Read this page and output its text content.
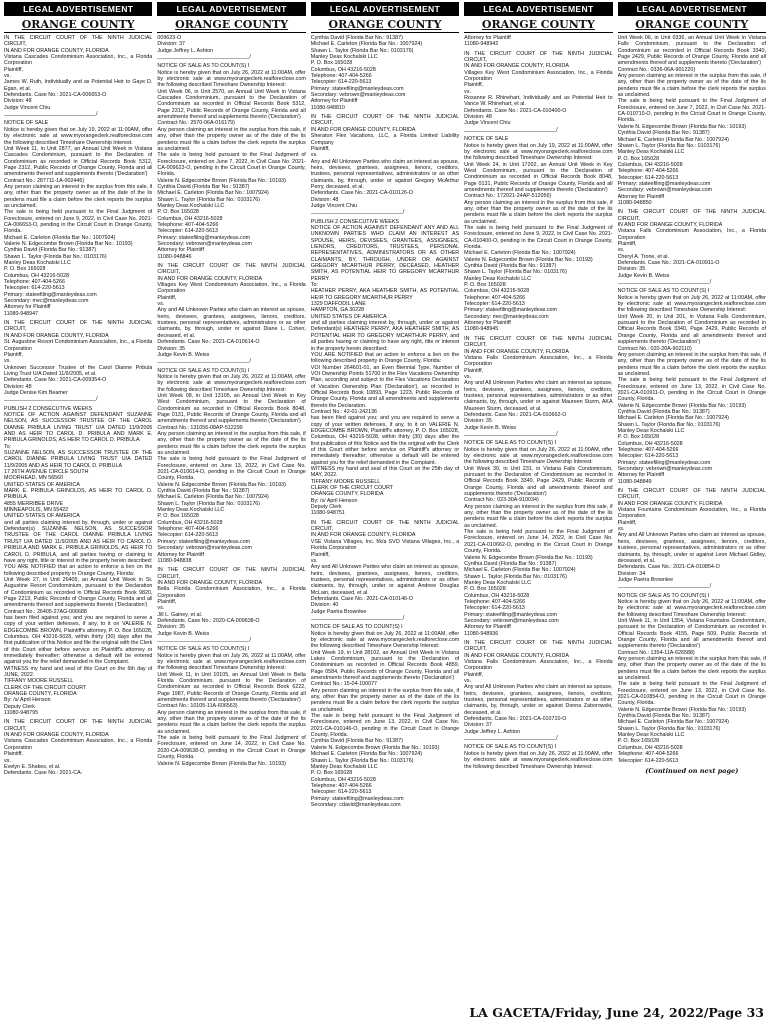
LEGAL ADVERTISEMENT
ORANGE COUNTY
IN THE CIRCUIT COURT OF THE NINTH JUDICIAL CIRCUIT,
IN AND FOR ORANGE COUNTY, FLORIDA
Vistana Cascades Condominium Association, Inc., a Florida Corporation
Plaintiff,
vs.
James W. Ruth, Individually and as Potential Heir to Gaye D. Egan, et al.
Defendants. Case No.: 2021-CA-006653-O
Division: 48
Judge Vincent Chiu
_______________________________/
NOTICE OF SALE
Notice is hereby given that on July 19, 2022 at 11:00AM, offer by electronic sale at www.myorangeclerk.realforeclose.com the following described Timeshare Ownership Interest:
Unit Week 11, in Unit 2877, an Annual Unit Week in Vistana Cascades Condominium, pursuant to the Declaration of Condominium as recorded in Official Records Book 5312, Page 2312, Public Records of Orange County, Florida and all amendments thereof and supplements thereto ('Declaration')
Contract No.: 287711-1A-002446)
Any person claiming an interest in the surplus from this sale, if any, other than the property owner as of the date of the lis pendens must file a claim before the clerk reports the surplus as unclaimed.
The sale is being held pursuant to the Final Judgment of Foreclosure, entered on June 9, 2022, in Civil Case No. 2021-CA-006653-O, pending in the Circuit Court in Orange County, Florida.
Michael E. Carleton (Florida Bar No.: 1007924)
Valerie N. Edgecombe Brown (Florida Bar No.: 10193)
Cynthia David (Florida Bar No.: 91387)
Shawn L. Taylor (Florida Bar No.: 0103176)
Manley Deas Kochalski LLC
P. O. Box 165028
Columbus, OH 43216-5028
Telephone: 407-404-5266
Telecopier: 614-220-5613
Primary: stateefiling@manleydeas.com
Secondary: mec@manleydeas.com
Attorney for Plaintiff
11080-948947
IN THE CIRCUIT COURT OF THE NINTH JUDICIAL CIRCUIT,
IN AND FOR ORANGE COUNTY, FLORIDA
St. Augustine Resort Condominium Association, Inc., a Florida Corporation
Plaintiff,
vs.
Unknown Successor Trustee of the Carol Dianne Pribula Living Trust U/A Dated 11/9/2005, et al.
Defendants. Case No.: 2021-CA-009354-O
Division: 48
Judge Denise Kim Beamer
_______________________________/
PUBLISH 2 CONSECUTIVE WEEKS
NOTICE OF ACTION AGAINST DEFENDANT SUZANNE NELSON, AS SUCCESSOR TRUSTEE OF THE CAROL DIANNE PRIBULA LIVING TRUST U/A DATED 11/9/2005 AND AS HEIR TO CAROL D. PRIBULA AND MARK E. PRIBULA GRINOLDS, AS HEIR TO CAROL D. PRIBULA
To:
SUZANNE NELSON, AS SUCCESSOR TRUSTEE OF THE CAROL DIANNE PRIBULA LIVING TRUST U/A DATED 11/9/2005 AND AS HEIR TO CAROL D. PRIBULA
17 26TH AVENUE CIRCLE SOUTH
MOORHEAD, MN 56560
UNITED STATES OF AMERICA
MARK E. PRIBULA GRINOLDS, AS HEIR TO CAROL D. PRIBULA
4855 MERRIBEE DRIVE
MINNEAPOLIS, MN 55422
UNITED STATES OF AMERICA
and all parties claiming interest by, through, under or against Defendant(s) SUZANNE NELSON, AS SUCCESSOR TRUSTEE OF THE CAROL DIANNE PRIBULA LIVING TRUST U/A DATED 11/9/2005 AND AS HEIR TO CAROL D. PRIBULA AND MARK E. PRIBULA GRINOLDS, AS HEIR TO CAROL D. PRIBULA, and all parties having or claiming to have any right, title or interest in the property herein described:
YOU ARE NOTIFIED that an action to enforce a lien on the following described property in Orange County, Florida:
Unit Week 27, in Unit 26405, an Annual Unit Week in St. Augustine Resort Condominium, pursuant to the Declaration of Condominium as recorded in Official Records Book 9820, Page 2213, Public Records of Orange County, Florida and all amendments thereof and supplements thereto ('Declaration')
Contract No.: 26405-27AG-006688
has been filed against you; and you are required to serve a copy of your written defenses, if any, to it on VALERIE N. EDGECOMBE BROWN, Plaintiff's attorney, P. O. Box 165028, Columbus, OH 43216-5028, within thirty (30) days after the first publication of this Notice and file the original with the Clerk of this Court either before service on Plaintiff's attorney or immediately thereafter; otherwise a default will be entered against you for the relief demanded in the Complaint.
WITNESS my hand and seal of this Court on the 6th day of JUNE, 2022.
TIFFANY MOORE RUSSELL
CLERK OF THE CIRCUIT COURT
ORANGE COUNTY, FLORIDA
By: /s/ April Henson
Deputy Clerk
11080-948795
IN THE CIRCUIT COURT OF THE NINTH JUDICIAL CIRCUIT,
IN AND FOR ORANGE COUNTY, FLORIDA
Vistana Cascades Condominium Association, Inc., a Florida Corporation
Plaintiff,
vs.
Evelyn E. Shakes, et al.
Defendants. Case No.: 2021-CA-
LEGAL ADVERTISEMENT
ORANGE COUNTY
009623-O
Division: 37
Judge Jeffrey L. Ashton
_______________________________/
NOTICE OF SALE AS TO COUNT(S) I
Notice is hereby given that on July 26, 2022 at 11:00AM, offer by electronic sale at www.myorangeclerk.realforeclose.com the following described Timeshare Ownership Interest:
Unit Week 06, in Unit 2570, an Annual Unit Week in Vistana Cascades Condominium, pursuant to the Declaration of Condominium as recorded in Official Records Book 5312, Page 2312, Public Records of Orange County, Florida and all amendments thereof and supplements thereto ('Declaration')
Contract No.: 2570-06A-016179)
Any person claiming an interest in the surplus from this sale, if any, other than the property owner as of the date of the lis pendens must file a claim before the clerk reports the surplus as unclaimed.
The sale is being held pursuant to the Final Judgment of Foreclosure, entered on June 7, 2022, in Civil Case No. 2021-CA-009623-O, pending in the Circuit Court in Orange County, Florida.
Valerie N. Edgecombe Brown (Florida Bar No.: 10193)
Cynthia David (Florida Bar No.: 91387)
Michael E. Carleton (Florida Bar No.: 1007924)
Shawn L. Taylor (Florida Bar No.: 0103176)
Manley Deas Kochalski LLC
P. O. Box 165028
Columbus, OH 43216-5028
Telephone: 407-404-5266
Telecopier: 614-220-5613
Primary: stateefiling@manleydeas.com
Secondary: vebrown@manleydeas.com
Attorney for Plaintiff
11080-948846
IN THE CIRCUIT COURT OF THE NINTH JUDICIAL CIRCUIT,
IN AND FOR ORANGE COUNTY, FLORIDA
Villages Key West Condominium Association, Inc., a Florida Corporation
Plaintiff,
vs.
Any and All Unknown Parties who claim an interest as spouse, heirs, devisees, grantees, assignees, lienors, creditors, trustees, personal representatives, administrators or as other claimants, by, through, under or against Diane L. Cohen, deceased, et al.
Defendants. Case No.: 2021-CA-010614-O
Division: 35
Judge Kevin B. Weiss
_______________________________/
NOTICE OF SALE AS TO COUNT(S) I
Notice is hereby given that on July 26, 2022 at 11:00AM, offer by electronic sale at www.myorangeclerk.realforeclose.com the following described Timeshare Ownership Interest:
Unit Week 08, in Unit 13105, an Annual Unit Week in Key West Condominium, pursuant to the Declaration of Condominium as recorded in Official Records Book 8048, Page 0131, Public Records of Orange County, Florida and all amendments thereof and supplements thereto ('Declaration')
Contract No.: 131056-08AP-512299
Any person claiming an interest in the surplus from this sale, if any, other than the property owner as of the date of the lis pendens must file a claim before the clerk reports the surplus as unclaimed.
The sale is being held pursuant to the Final Judgment of Foreclosure, entered on June 13, 2022, in Civil Case No. 2021-CA-010614-O, pending in the Circuit Court in Orange County, Florida.
Valerie N. Edgecombe Brown (Florida Bar No.: 10193)
Cynthia David (Florida Bar No.: 91387)
Michael E. Carleton (Florida Bar No.: 1007924)
Shawn L. Taylor (Florida Bar No.: 0103176)
Manley Deas Kochalski LLC
P. O. Box 165028
Columbus, OH 43216-5028
Telephone: 407-404-5266
Telecopier: 614-220-5613
Primary: stateefiling@manleydeas.com
Secondary: vebrown@manleydeas.com
Attorney for Plaintiff
11080-948838
IN THE CIRCUIT COURT OF THE NINTH JUDICIAL CIRCUIT,
IN AND FOR ORANGE COUNTY, FLORIDA
Bella Florida Condominium Association, Inc., a Florida Corporation
Plaintiff,
vs.
Jill L. Gainey, et al.
Defendants. Case No.: 2020-CA-009638-O
Division: 35
Judge Kevin B. Weiss
_______________________________/
NOTICE OF SALE AS TO COUNT(S) I
Notice is hereby given that on July 26, 2022 at 11:00AM, offer by electronic sale at www.myorangeclerk.realforeclose.com the following described Timeshare Ownership Interest:
Unit Week 11, in Unit 10105, an Annual Unit Week in Bella Florida Condominium, pursuant to the Declaration of Condominium as recorded in Official Records Book 6222, Page 1987, Public Records of Orange County, Florida and all amendments thereof and supplements thereto ('Declaration')
Contract No.: 10105-11A-606563)
Any person claiming an interest in the surplus from this sale, if any, other than the property owner as of the date of the lis pendens must file a claim before the clerk reports the surplus as unclaimed.
The sale is being held pursuant to the Final Judgment of Foreclosure, entered on June 14, 2022, in Civil Case No. 2020-CA-009638-O, pending in the Circuit Court in Orange County, Florida.
Valerie N. Edgecombe Brown (Florida Bar No.: 10193)
LEGAL ADVERTISEMENT
ORANGE COUNTY
Cynthia David (Florida Bar No.: 91387)
Michael E. Carleton (Florida Bar No.: 1007924)
Shawn L. Taylor (Florida Bar No.: 0103176)
Manley Deas Kochalski LLC
P. O. Box 165028
Columbus, OH 43216-5028
Telephone: 407-404-5266
Telecopier: 614-220-5613
Primary: stateefiling@manleydeas.com
Secondary: vebrown@manleydeas.com
Attorney for Plaintiff
11080-948810
IN THE CIRCUIT COURT OF THE NINTH JUDICIAL CIRCUIT,
IN AND FOR ORANGE COUNTY, FLORIDA
Sheraton Flex Vacations, LLC, a Florida Limited Liability Company
Plaintiff,
vs.
Any and All Unknown Parties who claim an interest as spouse, heirs, devisees, grantees, assignees, lienors, creditors, trustees, personal representatives, administrators or as other claimants, by, through, under or against Gregory McArthur Perry, deceased, et al.
Defendants. Case No.: 2021-CA-010126-O
Division: 48
Judge Vincent Chiu
_______________________________/
PUBLISH 2 CONSECUTIVE WEEKS
NOTICE OF ACTION AGAINST DEFENDANT ANY AND ALL UNKNOWN PARTIES WHO CLAIM AN INTEREST AS SPOUSE, HEIRS, DEVISEES, GRANTEES, ASSIGNEES, LIENORS, CREDITORS, TRUSTEES, PERSONAL REPRESENTATIVES, ADMINISTRATORS OR AS OTHER CLAIMANTS, BY, THROUGH, UNDER OR AGAINST GREGORY MCARTHUR PERRY, DECEASED, HEATHER SMITH, AS POTENTIAL HEIR TO GREGORY MCARTHUR PERRY
To:
HEATHER PERRY, AKA HEATHER SMITH, AS POTENTIAL HEIR TO GREGORY MCARTHUR PERRY
1329 DAFFODIL LANE
HAMPTON, GA 30228
UNITED STATES OF AMERICA
and all parties claiming interest by, through, under or against Defendant(s) HEATHER PERRY, AKA HEATHER SMITH, AS POTENTIAL HEIR TO GREGORY MCARTHUR PERRY, and all parties having or claiming to have any right, title or interest in the property herein described:
YOU ARE NOTIFIED that an action to enforce a lien on the following described property in Orange County, Florida:
VOI Number 264601-01, an Even Biennial Type, Number of VOI Ownership Points 51700 in the Flex Vacations Ownership Plan, according and subject to the Flex Vacations Declaration of Vacation Ownership Plan ('Declaration'), as recorded in Official Records Book 10893, Page 1223, Public Records of Orange County, Florida and all amendments and supplements thereto the Declaration.
Contract No.: 42-01-242136
has been filed against you; and you are required to serve a copy of your written defenses, if any, to it on VALERIE N. EDGECOMBE BROWN, Plaintiff's attorney, P. O. Box 165028, Columbus, OH 43216-5028, within thirty (30) days after the first publication of this Notice and file the original with the Clerk of this Court either before service on Plaintiff's attorney or immediately thereafter; otherwise a default will be entered against you for the relief demanded in the Complaint.
WITNESS my hand and seal of this Court on the 25th day of MAY, 2022.
TIFFANY MOORE RUSSELL
CLERK OF THE CIRCUIT COURT
ORANGE COUNTY, FLORIDA
By: /s/ April Henson
Deputy Clerk
11080-948751
IN THE CIRCUIT COURT OF THE NINTH JUDICIAL CIRCUIT,
IN AND FOR ORANGE COUNTY, FLORIDA
VSE Vistana Villages, Inc. f/k/a SVO Vistana Villages, Inc., a Florida Corporation
Plaintiff,
vs.
Any and All Unknown Parties who claim an interest as spouse, heirs, devisees, grantees, assignees, lienors, creditors, trustees, personal representatives, administrators or as other claimants, by, through, under or against Andrew Douglas McLain, deceased, et al.
Defendants. Case No.: 2021-CA-010146-O
Division: 40
Judge Paetra Brownlee
_______________________________/
NOTICE OF SALE AS TO COUNT(S) I
Notice is hereby given that on July 26, 2022 at 11:00AM, offer by electronic sale at www.myorangeclerk.realforeclose.com the following described Timeshare Ownership Interest:
Unit Week 19, in Unit 28102, an Annual Unit Week in Vistana Lakes Condominium, pursuant to the Declaration of Condominium as recorded in Official Records Book 4859, Page 0584, Public Records of Orange County, Florida and all amendments thereof and supplements thereto ('Declaration')
Contract No.: 15-04-100077
Any person claiming an interest in the surplus from this sale, if any, other than the property owner as of the date of the lis pendens must file a claim before the clerk reports the surplus as unclaimed.
The sale is being held pursuant to the Final Judgment of Foreclosure, entered on June 13, 2022, in Civil Case No. 2021-CA-010146-O, pending in the Circuit Court in Orange County, Florida.
Cynthia David (Florida Bar No.: 91387)
Valerie N. Edgecombe Brown (Florida Bar No.: 10193)
Michael E. Carleton (Florida Bar No.: 1007924)
Shawn L. Taylor (Florida Bar No.: 0103176)
Manley Deas Kochalski LLC
P. O. Box 165028
Columbus, OH 43216-5028
Telephone: 407-404-5266
Telecopier: 614-220-5613
Primary: stateefiling@manleydeas.com
Secondary: cdavid@manleydeas.com
LEGAL ADVERTISEMENT
ORANGE COUNTY
Attorney for Plaintiff
11080-948942
IN THE CIRCUIT COURT OF THE NINTH JUDICIAL CIRCUIT,
IN AND FOR ORANGE COUNTY, FLORIDA
Villages Key West Condominium Association, Inc., a Florida Corporation
Plaintiff,
vs.
Roxanne R. Rhinehart, Individually and as Potential Heir to Vance W. Rhinehart, et al.
Defendants. Case No.: 2021-CA-010400-O
Division: 48
Judge Vincent Chiu
_______________________________/
NOTICE OF SALE
Notice is hereby given that on July 19, 2022 at 11:00AM, offer by electronic sale at www.myorangeclerk.realforeclose.com the following described Timeshare Ownership Interest:
Unit Week 24, in Unit 17202, an Annual Unit Week in Key West Condominium, pursuant to the Declaration of Condominium as recorded in Official Records Book 8048, Page 0131, Public Records of Orange County, Florida and all amendments thereof and supplements thereto ('Declaration')
Contract No.: 172021-24AP-512056)
Any person claiming an interest in the surplus from this sale, if any, other than the property owner as of the date of the lis pendens must file a claim before the clerk reports the surplus as unclaimed.
The sale is being held pursuant to the Final Judgment of Foreclosure, entered on June 9, 2022, in Civil Case No. 2021-CA-010400-O, pending in the Circuit Court in Orange County, Florida.
Michael E. Carleton (Florida Bar No.: 1007924)
Valerie N. Edgecombe Brown (Florida Bar No.: 10193)
Cynthia David (Florida Bar No.: 91387)
Shawn L. Taylor (Florida Bar No.: 0103176)
Manley Deas Kochalski LLC
P. O. Box 165028
Columbus, OH 43216-5028
Telephone: 407-404-5266
Telecopier: 614-220-5613
Primary: stateefiling@manleydeas.com
Secondary: mec@manleydeas.com
Attorney for Plaintiff
11080-948945
IN THE CIRCUIT COURT OF THE NINTH JUDICIAL CIRCUIT,
IN AND FOR ORANGE COUNTY, FLORIDA
Vistana Falls Condominium Association, Inc., a Florida Corporation
Plaintiff,
vs.
Any and All Unknown Parties who claim an interest as spouse, heirs, devisees, grantees, assignees, lienors, creditors, trustees, personal representatives, administrators or as other claimants, by, through, under or against Maureen Sturm, AKA Maureen Sturm, deceased, et al.
Defendants. Case No.: 2021-CA-010662-O
Division: 35
Judge Kevin B. Weiss
_______________________________/
NOTICE OF SALE AS TO COUNT(S) I
Notice is hereby given that on July 26, 2022 at 11:00AM, offer by electronic sale at www.myorangeclerk.realforeclose.com the following described Timeshare Ownership Interest:
Unit Week 30, in Unit 231, in Vistana Falls Condominium, pursuant to the Declaration of Condominium as recorded in Official Records Book 3340, Page 2429, Public Records of Orange County, Florida and all amendments thereof and supplements thereto ('Declaration')
Contract No.: 023-30A-910034)
Any person claiming an interest in the surplus from this sale, if any, other than the property owner as of the date of the lis pendens must file a claim before the clerk reports the surplus as unclaimed.
The sale is being held pursuant to the Final Judgment of Foreclosure, entered on June 14, 2022, in Civil Case No. 2021-CA-010662-O, pending in the Circuit Court in Orange County, Florida.
Valerie N. Edgecombe Brown (Florida Bar No.: 10193)
Cynthia David (Florida Bar No.: 91387)
Michael E. Carleton (Florida Bar No.: 1007924)
Shawn L. Taylor (Florida Bar No.: 0103176)
Manley Deas Kochalski LLC
P. O. Box 165028
Columbus, OH 43216-5028
Telephone: 407-404-5266
Telecopier: 614-220-5613
Primary: stateefiling@manleydeas.com
Secondary: vebrown@manleydeas.com
Attorney for Plaintiff
11080-948936
IN THE CIRCUIT COURT OF THE NINTH JUDICIAL CIRCUIT,
IN AND FOR ORANGE COUNTY, FLORIDA
Vistana Falls Condominium Association, Inc., a Florida Corporation
Plaintiff,
vs.
Any and All Unknown Parties who claim an interest as spouse, heirs, devisees, grantees, assignees, lienors, creditors, trustees, personal representatives, administrators or as other claimants, by, through, under or against Donna Zaborowski, deceased, et al.
Defendants. Case No.: 2021-CA-010710-O
Division: 37
Judge Jeffrey L. Ashton
_______________________________/
NOTICE OF SALE AS TO COUNT(S) I
Notice is hereby given that on July 26, 2022 at 11:00AM, offer by electronic sale at www.myorangeclerk.realforeclose.com the following described Timeshare Ownership Interest:
LEGAL ADVERTISEMENT
ORANGE COUNTY
Unit Week 06, in Unit 0336, an Annual Unit Week in Vistana Falls Condominium, pursuant to the Declaration of Condominium as recorded in Official Records Book 3340, Page 2429, Public Records of Orange County, Florida and all amendments thereof and supplements thereto ('Declaration')
Contract No.: 0336-06A-901220)
Any person claiming an interest in the surplus from this sale, if any, other than the property owner as of the date of the lis pendens must file a claim before the clerk reports the surplus as unclaimed.
The sale is being held pursuant to the Final Judgment of Foreclosure, entered on June 7, 2022, in Civil Case No. 2021-CA-010710-O, pending in the Circuit Court in Orange County, Florida.
Valerie N. Edgecombe Brown (Florida Bar No.: 10193)
Cynthia David (Florida Bar No.: 91387)
Michael E. Carleton (Florida Bar No.: 1007924)
Shawn L. Taylor (Florida Bar No.: 0103176)
Manley Deas Kochalski LLC
P. O. Box 165028
Columbus, OH 43216-5028
Telephone: 407-404-5266
Telecopier: 614-220-5613
Primary: stateefiling@manleydeas.com
Secondary: vebrown@manleydeas.com
Attorney for Plaintiff
11080-948850
IN THE CIRCUIT COURT OF THE NINTH JUDICIAL CIRCUIT,
IN AND FOR ORANGE COUNTY, FLORIDA
Vistana Falls Condominium Association, Inc., a Florida Corporation
Plaintiff,
vs.
Cheryl A. Trone, et al.
Defendants. Case No.: 2021-CA-010911-O
Division: 35
Judge Kevin B. Weiss
_______________________________/
NOTICE OF SALE AS TO COUNT(S) I
Notice is hereby given that on July 26, 2022 at 11:00AM, offer by electronic sale at www.myorangeclerk.realforeclose.com the following described Timeshare Ownership Interest:
Unit Week 20, in Unit 201, in Vistana Falls Condominium, pursuant to the Declaration of Condominium as recorded in Official Records Book 3340, Page 2429, Public Records of Orange County, Florida and all amendments thereof and supplements thereto ('Declaration')
Contract No.: 020-20A-902110)
Any person claiming an interest in the surplus from this sale, if any, other than the property owner as of the date of the lis pendens must file a claim before the clerk reports the surplus as unclaimed.
The sale is being held pursuant to the Final Judgment of Foreclosure, entered on June 13, 2022, in Civil Case No. 2021-CA-010911-O, pending in the Circuit Court in Orange County, Florida.
Valerie N. Edgecombe Brown (Florida Bar No.: 10193)
Cynthia David (Florida Bar No.: 91387)
Michael E. Carleton (Florida Bar No.: 1007924)
Shawn L. Taylor (Florida Bar No.: 0103176)
Manley Deas Kochalski LLC
P. O. Box 165028
Columbus, OH 43216-5028
Telephone: 407-404-5266
Telecopier: 614-220-5613
Primary: stateefiling@manleydeas.com
Secondary: vebrown@manleydeas.com
Attorney for Plaintiff
11080-948849
IN THE CIRCUIT COURT OF THE NINTH JUDICIAL CIRCUIT,
IN AND FOR ORANGE COUNTY, FLORIDA
Vistana Fountains Condominium Association, Inc., a Florida Corporation
Plaintiff,
vs.
Any and All Unknown Parties who claim an interest as spouse, heirs, devisees, grantees, assignees, lienors, creditors, trustees, personal representatives, administrators or as other claimants, by, through, under or against Leon Michael Gidley, deceased, et al.
Defendants. Case No.: 2021-CA-010854-O
Division: 34
Judge Paetra Brownlee
_______________________________/
NOTICE OF SALE AS TO COUNT(S) I
Notice is hereby given that on July 26, 2022 at 11:00AM, offer by electronic sale at www.myorangeclerk.realforeclose.com the following described Timeshare Ownership Interest:
Unit Week 11, in Unit 1354, Vistana Fountains Condominium, pursuant to the Declaration of Condominium as recorded in Official Records Book 4155, Page 509, Public Records of Orange County, Florida and all amendments thereof and supplements thereto ('Declaration')
Contract No.: 1354-11A-626588)
Any person claiming an interest in the surplus from this sale, if any, other than the property owner as of the date of the lis pendens must file a claim before the clerk reports the surplus as unclaimed.
The sale is being held pursuant to the Final Judgment of Foreclosure, entered on June 13, 2022, in Civil Case No. 2021-CA-010854-O, pending in the Circuit Court in Orange County, Florida.
Valerie N. Edgecombe Brown (Florida Bar No.: 10193)
Cynthia David (Florida Bar No.: 91387)
Michael E. Carleton (Florida Bar No.: 1007924)
Shawn L. Taylor (Florida Bar No.: 0103176)
Manley Deas Kochalski LLC
P. O. Box 165028
Columbus, OH 43216-5028
Telephone: 407-404-5266
Telecopier: 614-220-5613
(Continued on next page)
LA GACETA/Friday, June 24, 2022/Page 33
